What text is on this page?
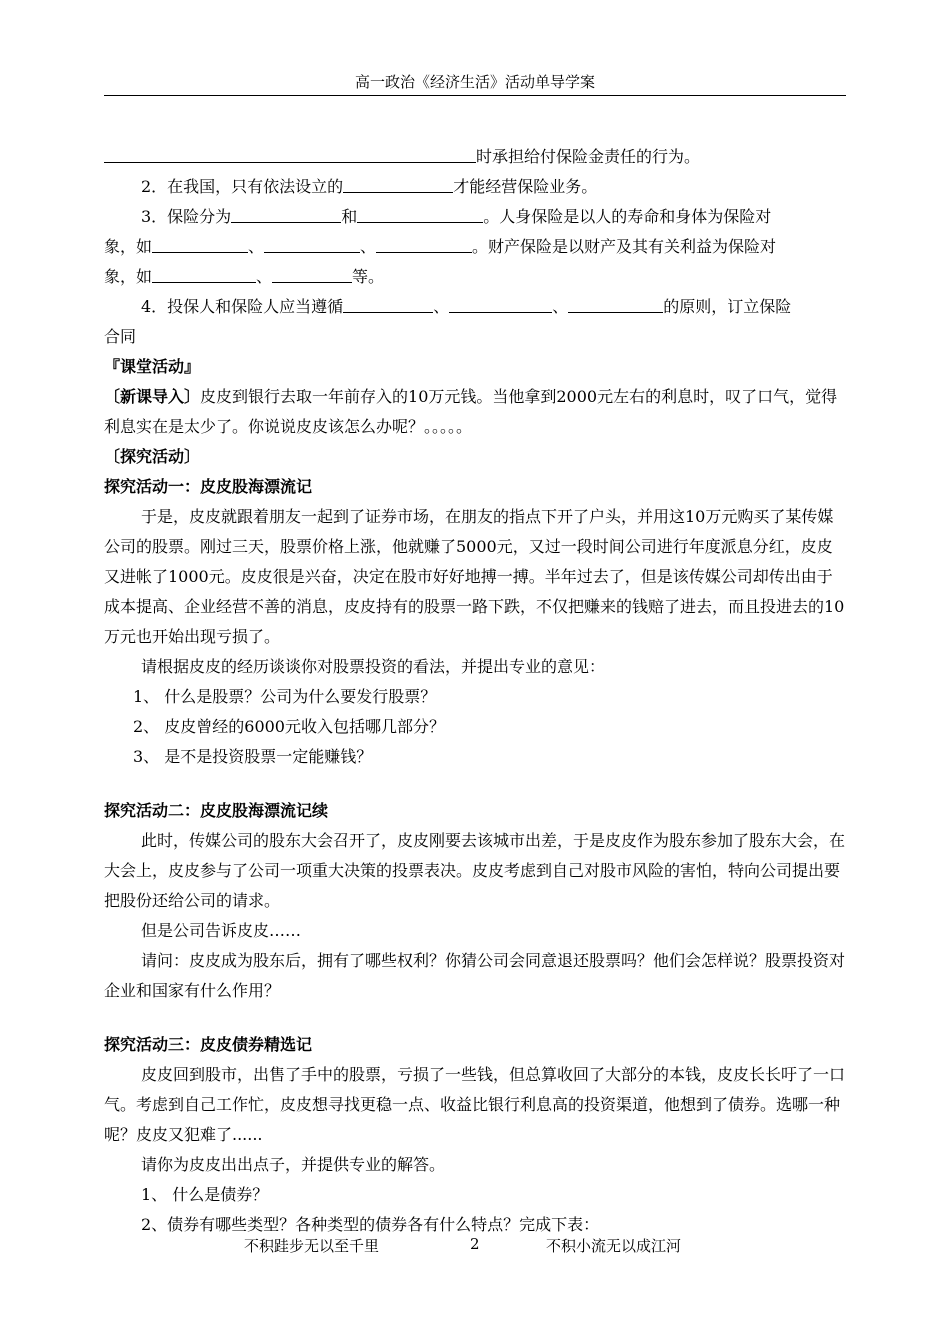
高一政治《经济生活》活动单导学案

时承担给付保险金责任的行为。

2．在我国，只有依法设立的	才能经营保险业务。

3．保险分为	和	。人身保险是以人的寿命和身体为保险对

象，如	、	、	。财产保险是以财产及其有关利益为保险对

象，如	、	等。

4．投保人和保险人应当遵循	、	、	的原则，订立保险

合同

『课堂活动』

〔新课导入〕皮皮到银行去取一年前存入的10万元钱。当他拿到2000元左右的利息时，叹了口气，觉得利息实在是太少了。你说说皮皮该怎么办呢？。。。。。

〔探究活动〕

探究活动一：皮皮股海漂流记

于是，皮皮就跟着朋友一起到了证券市场，在朋友的指点下开了户头，并用这10万元购买了某传媒公司的股票。刚过三天，股票价格上涨，他就赚了5000元，又过一段时间公司进行年度派息分红，皮皮又进帐了1000元。皮皮很是兴奋，决定在股市好好地搏一搏。半年过去了，但是该传媒公司却传出由于成本提高、企业经营不善的消息，皮皮持有的股票一路下跌，不仅把赚来的钱赔了进去，而且投进去的10万元也开始出现亏损了。

请根据皮皮的经历谈谈你对股票投资的看法，并提出专业的意见：

1、 什么是股票？公司为什么要发行股票？

2、 皮皮曾经的6000元收入包括哪几部分？

3、 是不是投资股票一定能赚钱？

探究活动二：皮皮股海漂流记续

此时，传媒公司的股东大会召开了，皮皮刚要去该城市出差，于是皮皮作为股东参加了股东大会，在大会上，皮皮参与了公司一项重大决策的投票表决。皮皮考虑到自己对股市风险的害怕，特向公司提出要把股份还给公司的请求。

但是公司告诉皮皮……

请问：皮皮成为股东后，拥有了哪些权利？你猜公司会同意退还股票吗？他们会怎样说？股票投资对企业和国家有什么作用？

探究活动三：皮皮债券精选记

皮皮回到股市，出售了手中的股票，亏损了一些钱，但总算收回了大部分的本钱，皮皮长长吁了一口气。考虑到自己工作忙，皮皮想寻找更稳一点、收益比银行利息高的投资渠道，他想到了债券。选哪一种呢？皮皮又犯难了......

请你为皮皮出出点子，并提供专业的解答。

1、 什么是债券？

2、债券有哪些类型？各种类型的债券各有什么特点？完成下表：

不积跬步无以至千里	2	不积小流无以成江河
